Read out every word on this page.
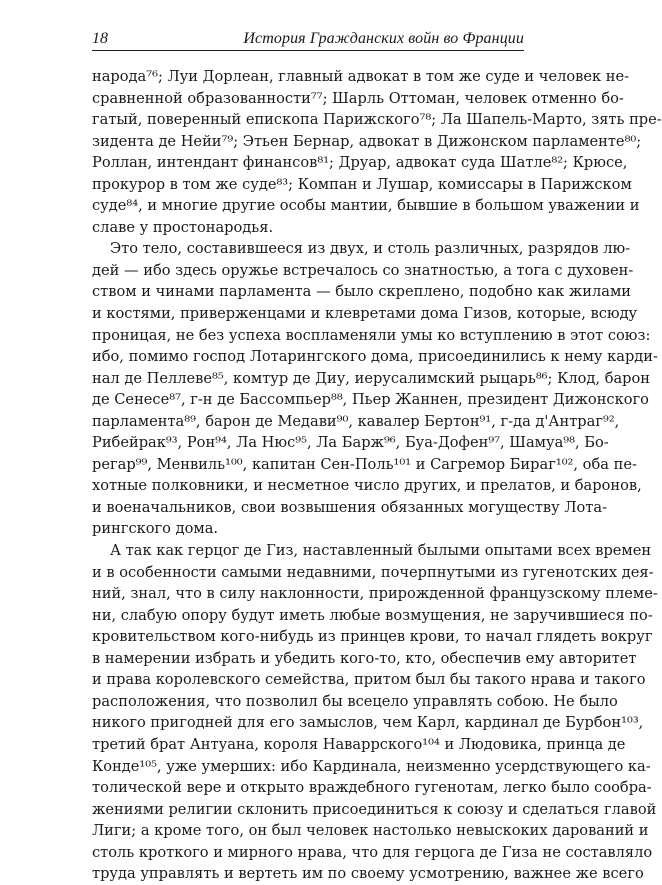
18	История Гражданских войн во Франции
народа⁷⁶; Луи Дорлеан, главный адвокат в том же суде и человек не-
сравненной образованности⁷⁷; Шарль Оттоман, человек отменно бо-
гатый, поверенный епископа Парижского⁷⁸; Ла Шапель-Марто, зять пре-
зидента де Нейи⁷⁹; Этьен Бернар, адвокат в Дижонском парламенте⁸⁰;
Роллан, интендант финансов⁸¹; Друар, адвокат суда Шатле⁸²; Крюсе,
прокурор в том же суде⁸³; Компан и Лушар, комиссары в Парижском
суде⁸⁴, и многие другие особы мантии, бывшие в большом уважении и
славе у простонародья.
Это тело, составившееся из двух, и столь различных, разрядов лю-
дей — ибо здесь оружье встречалось со знатностью, а тога с духовен-
ством и чинами парламента — было скреплено, подобно как жилами
и костями, приверженцами и клевретами дома Гизов, которые, всюду
проницая, не без успеха воспламеняли умы ко вступлению в этот союз:
ибо, помимо господ Лотарингского дома, присоединились к нему карди-
нал де Пеллеве⁸⁵, комтур де Диу, иерусалимский рыцарь⁸⁶; Клод, барон
де Сенесе⁸⁷, г-н де Бассомпьер⁸⁸, Пьер Жаннен, президент Дижонского
парламента⁸⁹, барон де Медави⁹⁰, кавалер Бертон⁹¹, г-да д'Антраг⁹²,
Рибейрак⁹³, Рон⁹⁴, Ла Нюс⁹⁵, Ла Барж⁹⁶, Буа-Дофен⁹⁷, Шамуа⁹⁸, Бо-
регар⁹⁹, Менвиль¹⁰⁰, капитан Сен-Поль¹⁰¹ и Сагремор Бираг¹⁰², оба пе-
хотные полковники, и несметное число других, и прелатов, и баронов,
и военачальников, свои возвышения обязанных могуществу Лота-
рингского дома.
А так как герцог де Гиз, наставленный былыми опытами всех времен
и в особенности самыми недавними, почерпнутыми из гугенотских дея-
ний, знал, что в силу наклонности, прирожденной французскому племе-
ни, слабую опору будут иметь любые возмущения, не заручившиеся по-
кровительством кого-нибудь из принцев крови, то начал глядеть вокруг
в намерении избрать и убедить кого-то, кто, обеспечив ему авторитет
и права королевского семейства, притом был бы такого нрава и такого
расположения, что позволил бы всецело управлять собою. Не было
никого пригодней для его замыслов, чем Карл, кардинал де Бурбон¹⁰³,
третий брат Антуана, короля Наваррского¹⁰⁴ и Людовика, принца де
Конде¹⁰⁵, уже умерших: ибо Кардинала, неизменно усердствующего ка-
толической вере и открыто враждебного гугенотам, легко было сообра-
жениями религии склонить присоединиться к союзу и сделаться главой
Лиги; а кроме того, он был человек настолько невыскоких дарований и
столь кроткого и мирного нрава, что для герцога де Гиза не составляло
труда управлять и вертеть им по своему усмотрению, важнее же всего
